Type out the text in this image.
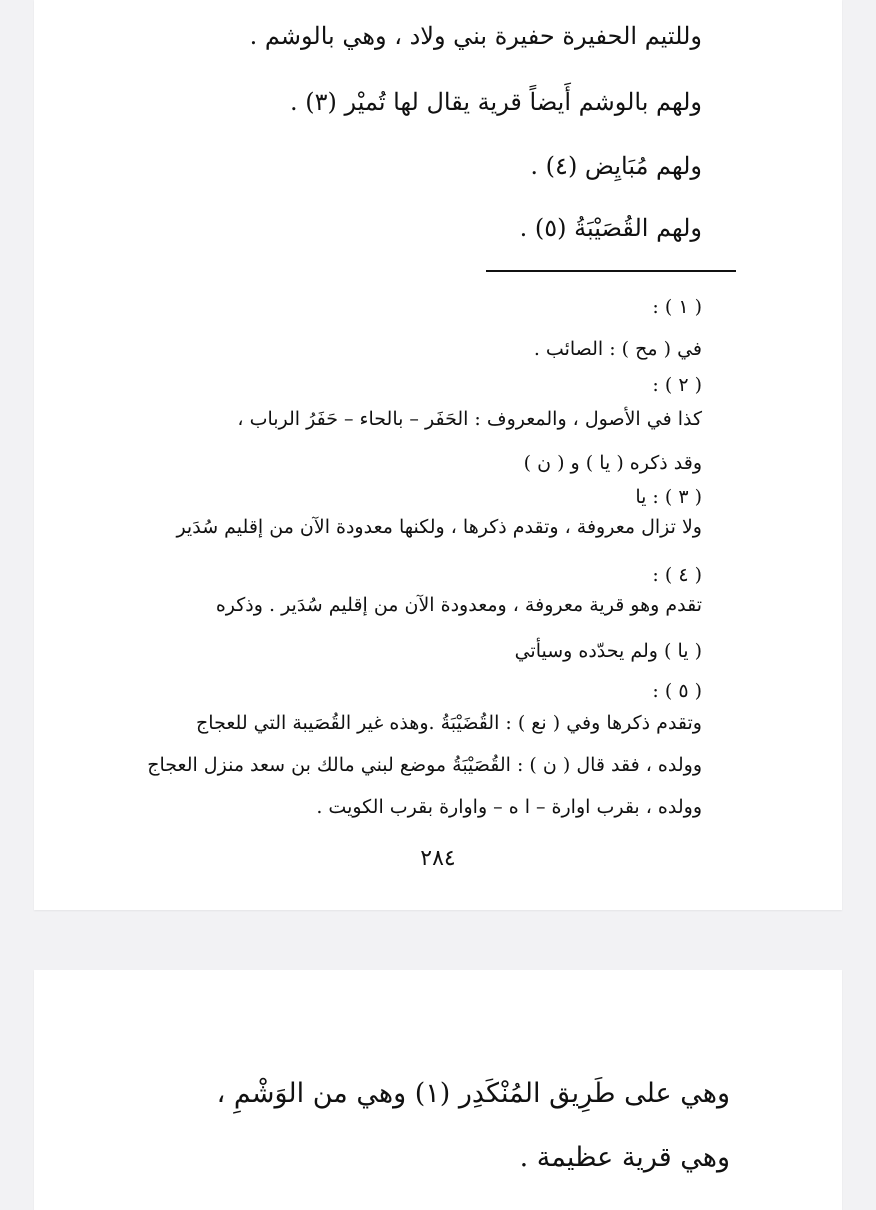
وللتيم الحفيرة حفيرة بني ولاد ، وهي بالوشم .
ولهم بالوشم أَيضاً قرية يقال لها تُميْر (٣) .
ولهم مُبَايِض (٤) .
ولهم القُصَيْبَةُ (٥) .
( ١ ) :
في ( مح ) : الصائب .
( ٢ ) :
كذا في الأصول ، والمعروف : الحَفَر – بالحاء – حَفَرُ الرباب ،
وقد ذكره ( يا ) و ( ن )
( ٣ ) : يا
ولا تزال معروفة ، وتقدم ذكرها ، ولكنها معدودة الآن من إقليم سُدَير
( ٤ ) :
تقدم وهو قرية معروفة ، ومعدودة الآن من إقليم سُدَير . وذكره
( يا ) ولم يحدّده وسيأتي
( ٥ ) :
وتقدم ذكرها وفي ( نع ) : القُضَيْبَةُ .وهذه غير القُصَيبة التي للعجاج
وولده ، فقد قال ( ن ) : القُصَيْبَةُ موضع لبني مالك بن سعد منزل العجاج
وولده ، بقرب اوارة – ا ه – واوارة بقرب الكويت .
٢٨٤
وهي على طَرِيق المُنْكَدِر (١) وهي من الوَشْمِ ،
وهي قرية عظيمة .
